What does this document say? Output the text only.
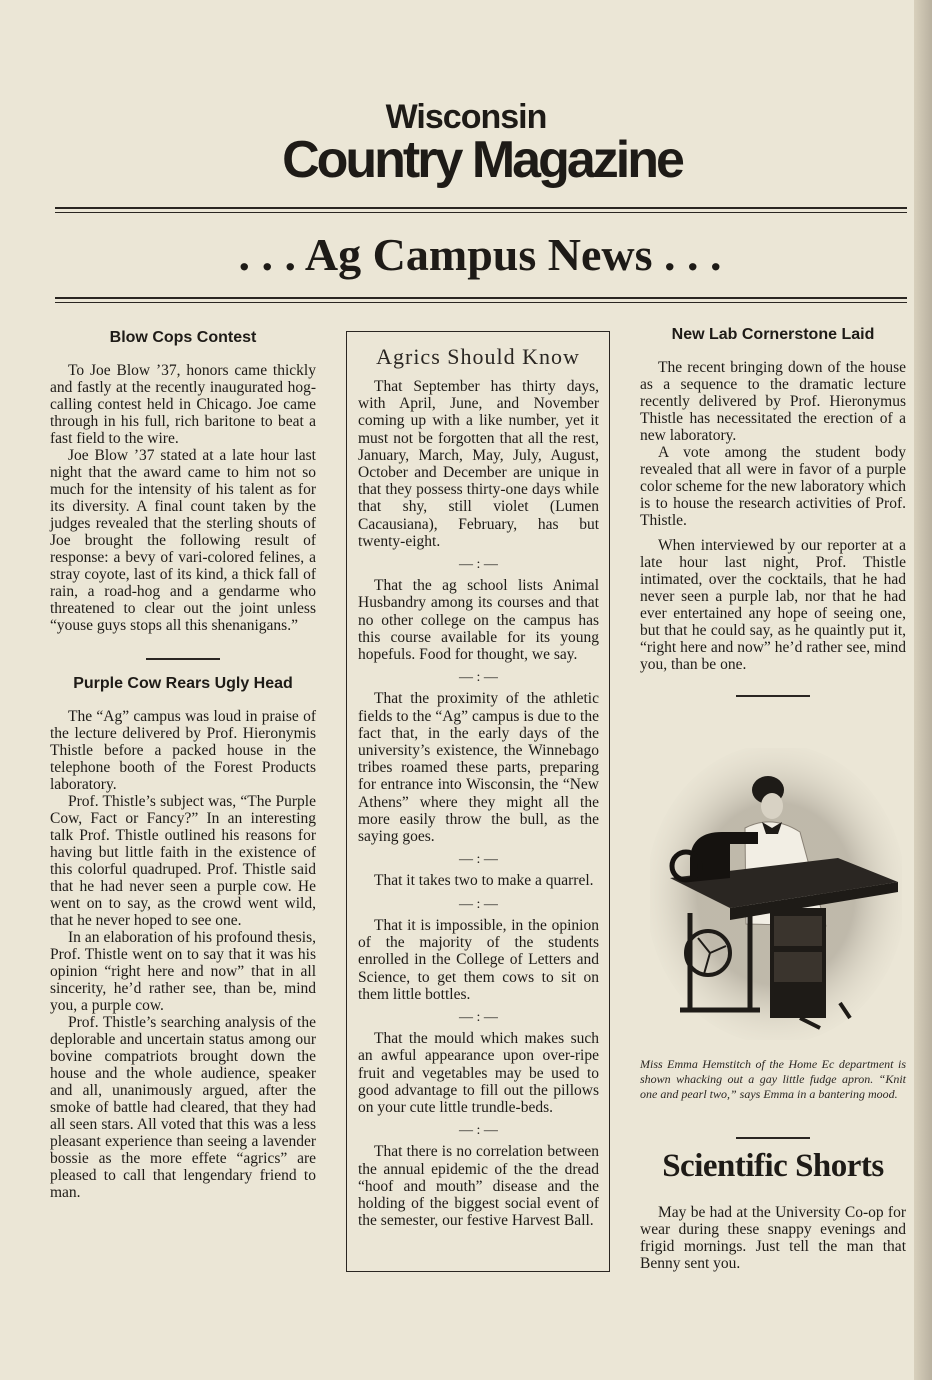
Wisconsin
Country Magazine
. . . Ag Campus News . . .
Blow Cops Contest

To Joe Blow ’37, honors came thickly and fastly at the recently inaugurated hog-calling contest held in Chicago. Joe came through in his full, rich baritone to beat a fast field to the wire.

Joe Blow ’37 stated at a late hour last night that the award came to him not so much for the intensity of his talent as for its diversity. A final count taken by the judges revealed that the sterling shouts of Joe brought the following result of response: a bevy of vari-colored felines, a stray coyote, last of its kind, a thick fall of rain, a road-hog and a gendarme who threatened to clear out the joint unless “youse guys stops all this shenanigans.”

Purple Cow Rears Ugly Head

The “Ag” campus was loud in praise of the lecture delivered by Prof. Hieronymis Thistle before a packed house in the telephone booth of the Forest Products laboratory.

Prof. Thistle’s subject was, “The Purple Cow, Fact or Fancy?” In an interesting talk Prof. Thistle outlined his reasons for having but little faith in the existence of this colorful quadruped. Prof. Thistle said that he had never seen a purple cow. He went on to say, as the crowd went wild, that he never hoped to see one.

In an elaboration of his profound thesis, Prof. Thistle went on to say that it was his opinion “right here and now” that in all sincerity, he’d rather see, than be, mind you, a purple cow.

Prof. Thistle’s searching analysis of the deplorable and uncertain status among our bovine compatriots brought down the house and the whole audience, speaker and all, unanimously argued, after the smoke of battle had cleared, that they had all seen stars. All voted that this was a less pleasant experience than seeing a lavender bossie as the more effete “agrics” are pleased to call that lengendary friend to man.

Agrics Should Know

That September has thirty days, with April, June, and November coming up with a like number, yet it must not be forgotten that all the rest, January, March, May, July, August, October and December are unique in that they possess thirty-one days while that shy, still violet (Lumen Cacausiana), February, has but twenty-eight.

— : —

That the ag school lists Animal Husbandry among its courses and that no other college on the campus has this course available for its young hopefuls. Food for thought, we say.

— : —

That the proximity of the athletic fields to the “Ag” campus is due to the fact that, in the early days of the university’s existence, the Winnebago tribes roamed these parts, preparing for entrance into Wisconsin, the “New Athens” where they might all the more easily throw the bull, as the saying goes.

— : —

That it takes two to make a quarrel.

— : —

That it is impossible, in the opinion of the majority of the students enrolled in the College of Letters and Science, to get them cows to sit on them little bottles.

— : —

That the mould which makes such an awful appearance upon over-ripe fruit and vegetables may be used to good advantage to fill out the pillows on your cute little trundle-beds.

— : —

That there is no correlation between the annual epidemic of the the dread “hoof and mouth” disease and the holding of the biggest social event of the semester, our festive Harvest Ball.

New Lab Cornerstone Laid

The recent bringing down of the house as a sequence to the dramatic lecture recently delivered by Prof. Hieronymus Thistle has necessitated the erection of a new laboratory.

A vote among the student body revealed that all were in favor of a purple color scheme for the new laboratory which is to house the research activities of Prof. Thistle.

When interviewed by our reporter at a late hour last night, Prof. Thistle intimated, over the cocktails, that he had never seen a purple lab, nor that he had ever entertained any hope of seeing one, but that he could say, as he quaintly put it, “right here and now” he’d rather see, mind you, than be one.

Miss Emma Hemstitch of the Home Ec department is shown whacking out a gay little fudge apron. “Knit one and pearl two,” says Emma in a bantering mood.
Scientific Shorts

May be had at the University Co-op for wear during these snappy evenings and frigid mornings. Just tell the man that Benny sent you.
